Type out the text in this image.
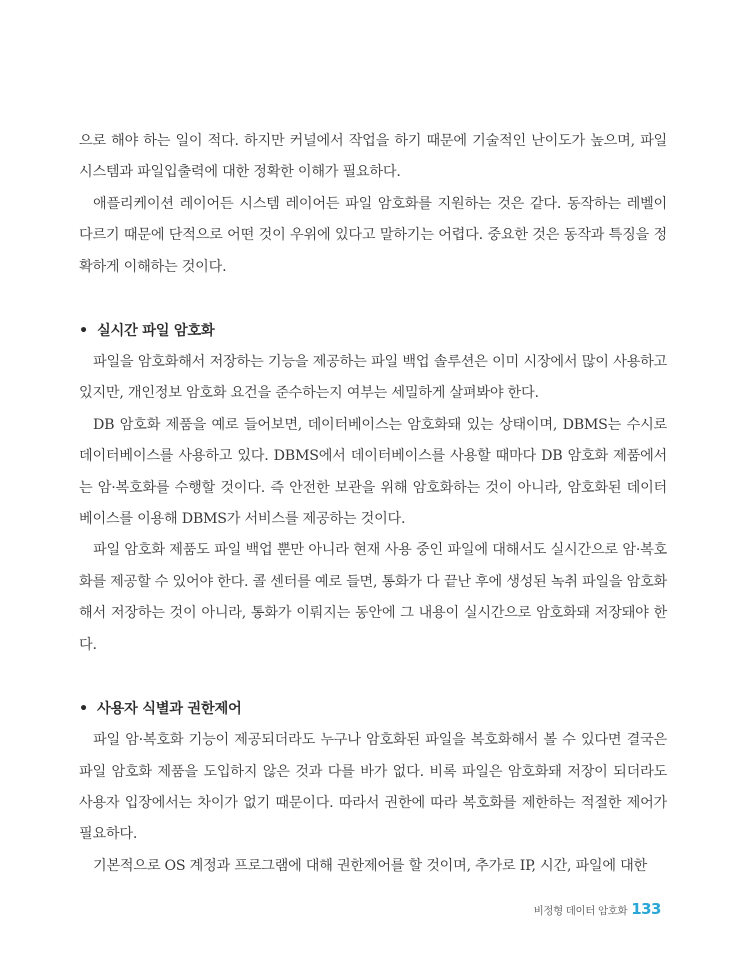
으로 해야 하는 일이 적다. 하지만 커널에서 작업을 하기 때문에 기술적인 난이도가 높으며, 파일 시스템과 파일입출력에 대한 정확한 이해가 필요하다.

애플리케이션 레이어든 시스템 레이어든 파일 암호화를 지원하는 것은 같다. 동작하는 레벨이 다르기 때문에 단적으로 어떤 것이 우위에 있다고 말하기는 어렵다. 중요한 것은 동작과 특징을 정확하게 이해하는 것이다.

• 실시간 파일 암호화

파일을 암호화해서 저장하는 기능을 제공하는 파일 백업 솔루션은 이미 시장에서 많이 사용하고 있지만, 개인정보 암호화 요건을 준수하는지 여부는 세밀하게 살펴봐야 한다.

DB 암호화 제품을 예로 들어보면, 데이터베이스는 암호화돼 있는 상태이며, DBMS는 수시로 데이터베이스를 사용하고 있다. DBMS에서 데이터베이스를 사용할 때마다 DB 암호화 제품에서는 암·복호화를 수행할 것이다. 즉 안전한 보관을 위해 암호화하는 것이 아니라, 암호화된 데이터베이스를 이용해 DBMS가 서비스를 제공하는 것이다.

파일 암호화 제품도 파일 백업 뿐만 아니라 현재 사용 중인 파일에 대해서도 실시간으로 암·복호화를 제공할 수 있어야 한다. 콜 센터를 예로 들면, 통화가 다 끝난 후에 생성된 녹취 파일을 암호화해서 저장하는 것이 아니라, 통화가 이뤄지는 동안에 그 내용이 실시간으로 암호화돼 저장돼야 한다.

• 사용자 식별과 권한제어

파일 암·복호화 기능이 제공되더라도 누구나 암호화된 파일을 복호화해서 볼 수 있다면 결국은 파일 암호화 제품을 도입하지 않은 것과 다를 바가 없다. 비록 파일은 암호화돼 저장이 되더라도 사용자 입장에서는 차이가 없기 때문이다. 따라서 권한에 따라 복호화를 제한하는 적절한 제어가 필요하다.

기본적으로 OS 계정과 프로그램에 대해 권한제어를 할 것이며, 추가로 IP, 시간, 파일에 대한

비정형 데이터 암호화 133
